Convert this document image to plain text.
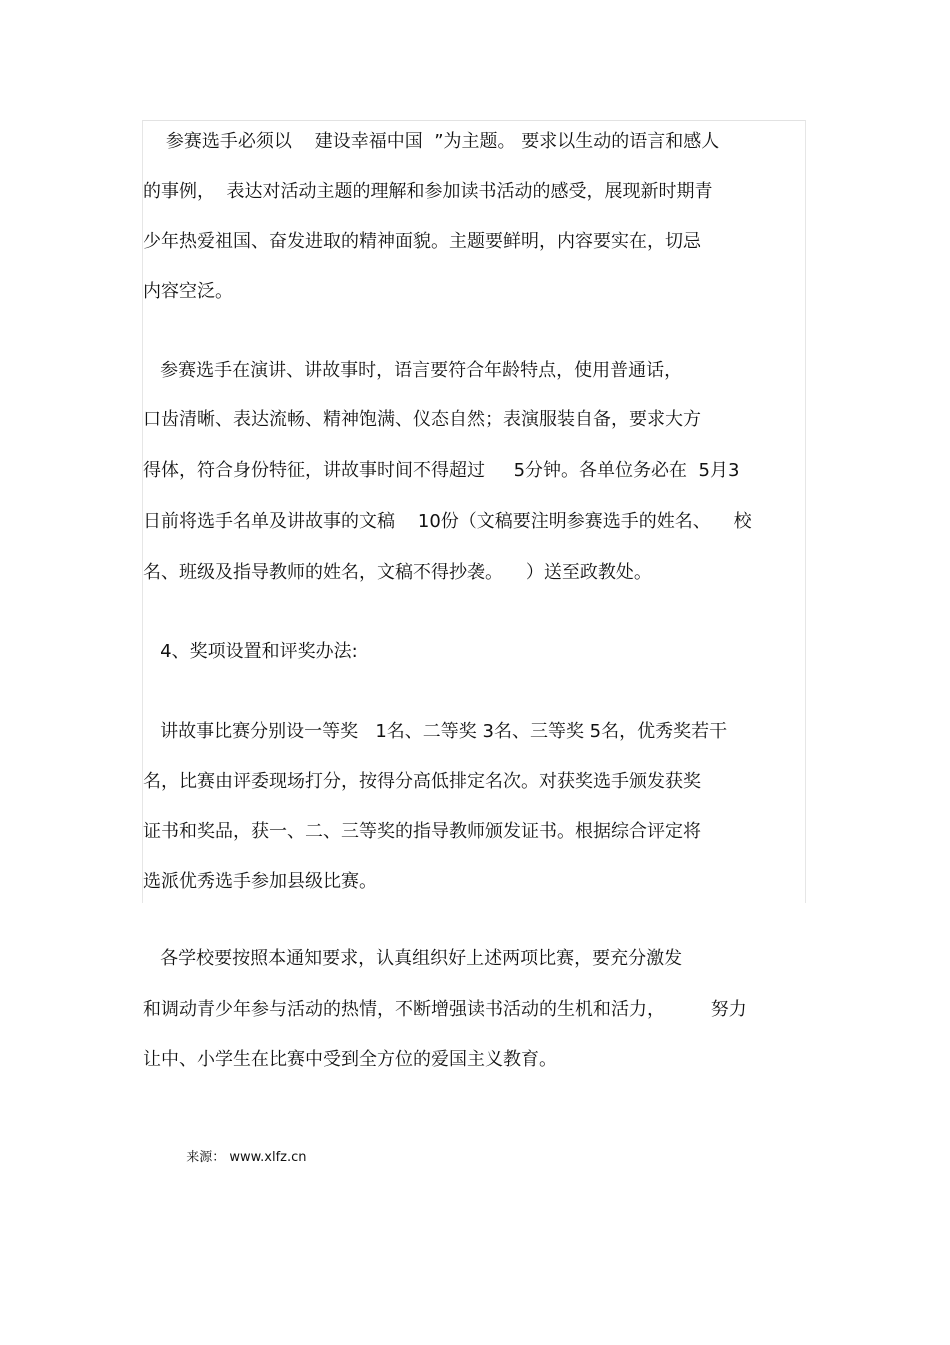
参赛选手必须以    建设幸福中国  ”为主题。 要求以生动的语言和感人
的事例，  表达对活动主题的理解和参加读书活动的感受，展现新时期青
少年热爱祖国、奋发进取的精神面貌。主题要鲜明，内容要实在，切忌
内容空泛。
参赛选手在演讲、讲故事时，语言要符合年龄特点，使用普通话，
口齿清晰、表达流畅、精神饱满、仪态自然；表演服装自备，要求大方
得体，符合身份特征，讲故事时间不得超过     5分钟。各单位务必在  5月3
日前将选手名单及讲故事的文稿    10份（文稿要注明参赛选手的姓名、    校
名、班级及指导教师的姓名，文稿不得抄袭。    ）送至政教处。
4、奖项设置和评奖办法:
讲故事比赛分别设一等奖   1名、二等奖 3名、三等奖 5名，优秀奖若干
名，比赛由评委现场打分，按得分高低排定名次。对获奖选手颁发获奖
证书和奖品，获一、二、三等奖的指导教师颁发证书。根据综合评定将
选派优秀选手参加县级比赛。
各学校要按照本通知要求，认真组织好上述两项比赛，要充分激发
和调动青少年参与活动的热情，不断增强读书活动的生机和活力，        努力
让中、小学生在比赛中受到全方位的爱国主义教育。

来源： www.xlfz.cn
